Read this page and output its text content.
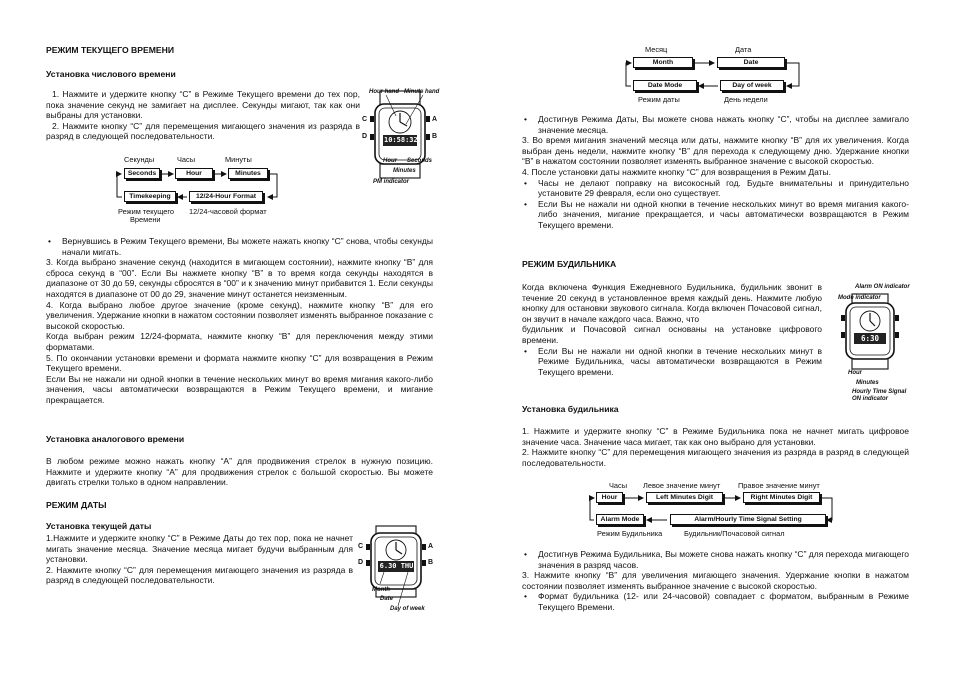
РЕЖИМ ТЕКУЩЕГО ВРЕМЕНИ
Установка числового времени

1. Нажмите и удержите кнопку “C” в Режиме Текущего времени до тех пор, пока значение секунд не замигает на дисплее. Секунды мигают, так как они выбраны для установки.

2. Нажмите кнопку “C” для перемещения мигающего значения из разряда в разряд в следующей последовательности.	10:58:32
C	A
B
D
Hour hand Minute hand
Hour Seconds
Minutes
PM indicator
Секунды	Часы	Минуты
Seconds	Hour	Minutes
Timekeeping	12/24-Hour Format
Режим текущего
Времени
12/24-часовой формат
•	Вернувшись в Режим Текущего времени, Вы можете нажать кнопку “C” снова, чтобы секунды начали мигать.

3. Когда выбрано значение секунд (находится в мигающем состоянии), нажмите кнопку “B” для сброса секунд в “00”. Если Вы нажмете кнопку “B” в то время когда секунды находятся в диапазоне от 30 до 59, секунды сбросятся в “00” и к значению минут прибавится 1. Если секунды находятся в диапазоне от 00 до 29, значение минут останется неизменным.

4. Когда выбрано любое другое значение (кроме секунд), нажмите кнопку “B” для его увеличения. Удержание кнопки в нажатом состоянии позволяет изменять выбранное показание с высокой скоростью.

Когда выбран режим 12/24-формата, нажмите кнопку “B” для переключения между этими форматами.

5. По окончании установки времени и формата нажмите кнопку “C” для возвращения в Режим Текущего времени.

Если Вы не нажали ни одной кнопки в течение нескольких минут во время мигания какого-либо значения, часы автоматически возвращаются в Режим Текущего времени, и мигание прекращается.

Установка аналогового времени
В любом режиме можно нажать кнопку “A” для продвижения стрелок в нужную позицию. Нажмите и удержите кнопку “A” для продвижения стрелок с большой скоростью. Вы можете двигать стрелки только в одном направлении.
РЕЖИМ ДАТЫ
Установка текущей даты

1.Нажмите и удержите кнопку “C” в Режиме Даты до тех пор, пока не начнет мигать значение месяца. Значение месяца мигает будучи выбранным для установки.

2. Нажмите кнопку “C” для перемещения мигающего значения из разряда в разряд в следующей последовательности.

6.30 THU
C	A
B
D
Month
Date
Day of week
Месяц	Дата
Month	Date
Date Mode	Day of week
Режим даты	День недели
•	Достигнув Режима Даты, Вы можете снова нажать кнопку “C”, чтобы на дисплее замигало значение месяца.

3. Во время мигания значений месяца или даты, нажмите кнопку “B” для их увеличения. Когда выбран день недели, нажмите кнопку “B” для перехода к следующему дню. Удержание кнопки “B” в нажатом состоянии позволяет изменять выбранное значение с высокой скоростью.

4. После установки даты нажмите кнопку “C” для возвращения в Режим Даты.

•	Часы не делают поправку на високосный год. Будьте внимательны и принудительно установите 29 февраля, если оно существует.
•	Если Вы не нажали ни одной кнопки в течение нескольких минут во время мигания какого-либо значения, мигание прекращается, и часы автоматически возвращаются в Режим Текущего времени.
РЕЖИМ БУДИЛЬНИКА

Когда включена Функция Ежедневного Будильника, будильник звонит в течение 20 секунд в установленное время каждый день. Нажмите любую кнопку для остановки звукового сигнала. Когда включен Почасовой сигнал, он звучит в начале каждого часа. Важно, что

будильник и Почасовой сигнал основаны на установке цифрового времени.

•	Если Вы не нажали ни одной кнопки в течение нескольких минут в Режиме Будильника, часы автоматически возвращаются в Режим Текущего времени.
6:30
Alarm ON indicator
Mode indicator
Hour
Minutes
Hourly Time Signal
ON indicator
Установка будильника

1. Нажмите и удержите кнопку “C” в Режиме Будильника пока не начнет мигать цифровое значение часа. Значение часа мигает, так как оно выбрано для установки.

2. Нажмите кнопку “C” для перемещения мигающего значения из разряда в разряд в следующей последовательности.

Часы Левое значение минут Правое значение минут
Hour	Left Minutes Digit	Right Minutes Digit
Alarm Mode	Alarm/Hourly Time Signal Setting
Режим Будильника	Будильник/Почасовой сигнал
•	Достигнув Режима Будильника, Вы можете снова нажать кнопку “C” для перехода мигающего значения в разряд часов.

3. Нажмите кнопку “B” для увеличения мигающего значения. Удержание кнопки в нажатом состоянии позволяет изменять выбранное значение с высокой скоростью.

•	Формат будильника (12- или 24-часовой) совпадает с форматом, выбранным в Режиме Текущего Времени.
